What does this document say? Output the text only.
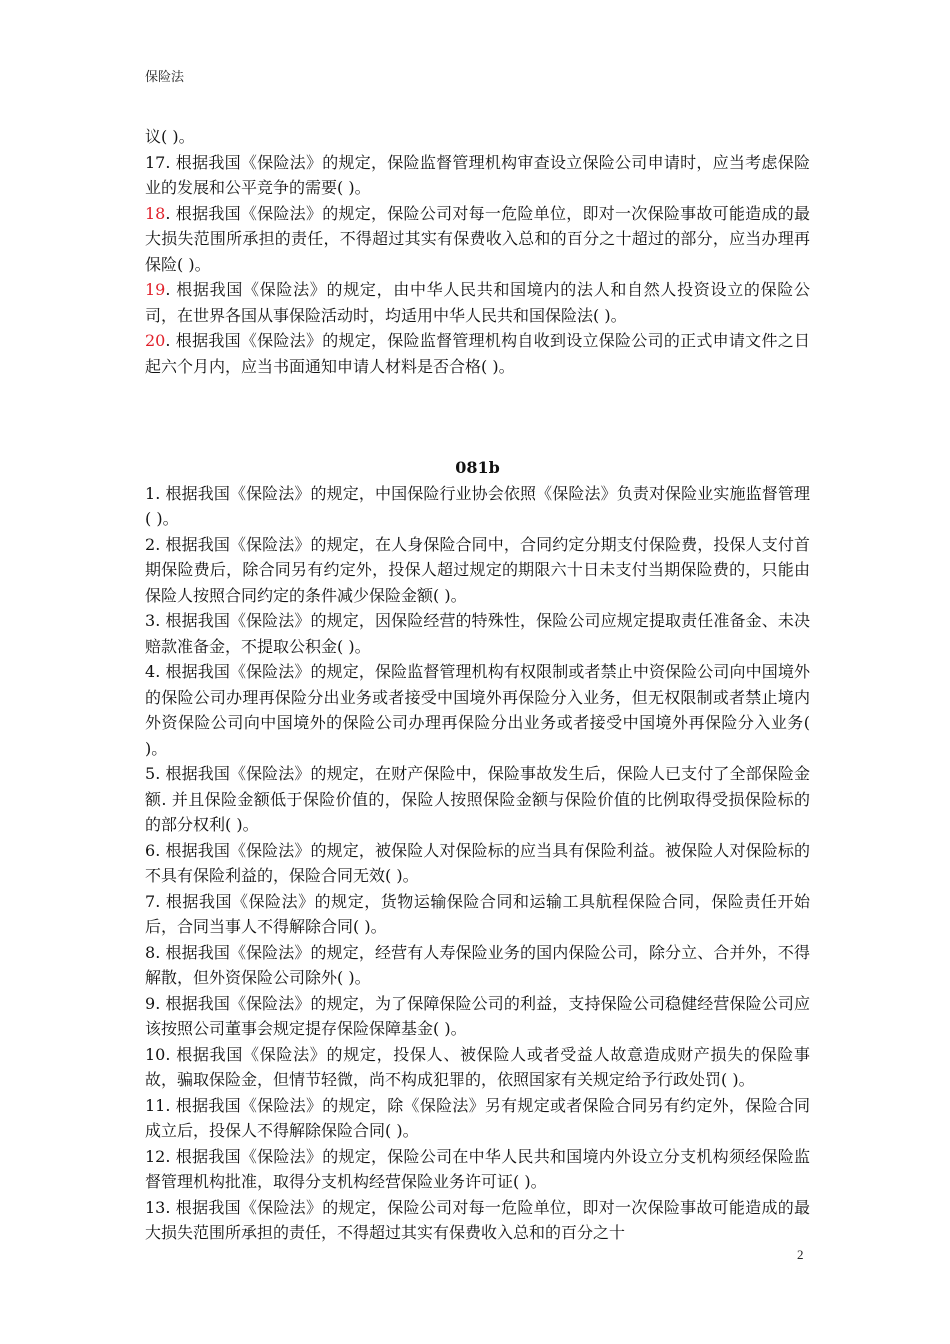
保险法

议( )。

17. 根据我国《保险法》的规定，保险监督管理机构审查设立保险公司申请时，应当考虑保险业的发展和公平竞争的需要( )。

18. 根据我国《保险法》的规定，保险公司对每一危险单位，即对一次保险事故可能造成的最大损失范围所承担的责任，不得超过其实有保费收入总和的百分之十超过的部分，应当办理再保险( )。

19. 根据我国《保险法》的规定，由中华人民共和国境内的法人和自然人投资设立的保险公司，在世界各国从事保险活动时，均适用中华人民共和国保险法( )。

20. 根据我国《保险法》的规定，保险监督管理机构自收到设立保险公司的正式申请文件之日起六个月内，应当书面通知申请人材料是否合格( )。

081b

1. 根据我国《保险法》的规定，中国保险行业协会依照《保险法》负责对保险业实施监督管理( )。

2. 根据我国《保险法》的规定，在人身保险合同中，合同约定分期支付保险费，投保人支付首期保险费后，除合同另有约定外，投保人超过规定的期限六十日未支付当期保险费的，只能由保险人按照合同约定的条件减少保险金额( )。

3. 根据我国《保险法》的规定，因保险经营的特殊性，保险公司应规定提取责任准备金、未决赔款准备金，不提取公积金( )。

4. 根据我国《保险法》的规定，保险监督管理机构有权限制或者禁止中资保险公司向中国境外的保险公司办理再保险分出业务或者接受中国境外再保险分入业务，但无权限制或者禁止境内外资保险公司向中国境外的保险公司办理再保险分出业务或者接受中国境外再保险分入业务( )。

5. 根据我国《保险法》的规定，在财产保险中，保险事故发生后，保险人已支付了全部保险金额. 并且保险金额低于保险价值的，保险人按照保险金额与保险价值的比例取得受损保险标的的部分权利( )。

6. 根据我国《保险法》的规定，被保险人对保险标的应当具有保险利益。被保险人对保险标的不具有保险利益的，保险合同无效( )。

7. 根据我国《保险法》的规定，货物运输保险合同和运输工具航程保险合同，保险责任开始后，合同当事人不得解除合同( )。

8. 根据我国《保险法》的规定，经营有人寿保险业务的国内保险公司，除分立、合并外，不得解散，但外资保险公司除外( )。

9. 根据我国《保险法》的规定，为了保障保险公司的利益，支持保险公司稳健经营保险公司应该按照公司董事会规定提存保险保障基金( )。

10. 根据我国《保险法》的规定，投保人、被保险人或者受益人故意造成财产损失的保险事故，骗取保险金，但情节轻微，尚不构成犯罪的，依照国家有关规定给予行政处罚( )。

11. 根据我国《保险法》的规定，除《保险法》另有规定或者保险合同另有约定外，保险合同成立后，投保人不得解除保险合同( )。

12. 根据我国《保险法》的规定，保险公司在中华人民共和国境内外设立分支机构须经保险监督管理机构批准，取得分支机构经营保险业务许可证( )。

13. 根据我国《保险法》的规定，保险公司对每一危险单位，即对一次保险事故可能造成的最大损失范围所承担的责任，不得超过其实有保费收入总和的百分之十

2
